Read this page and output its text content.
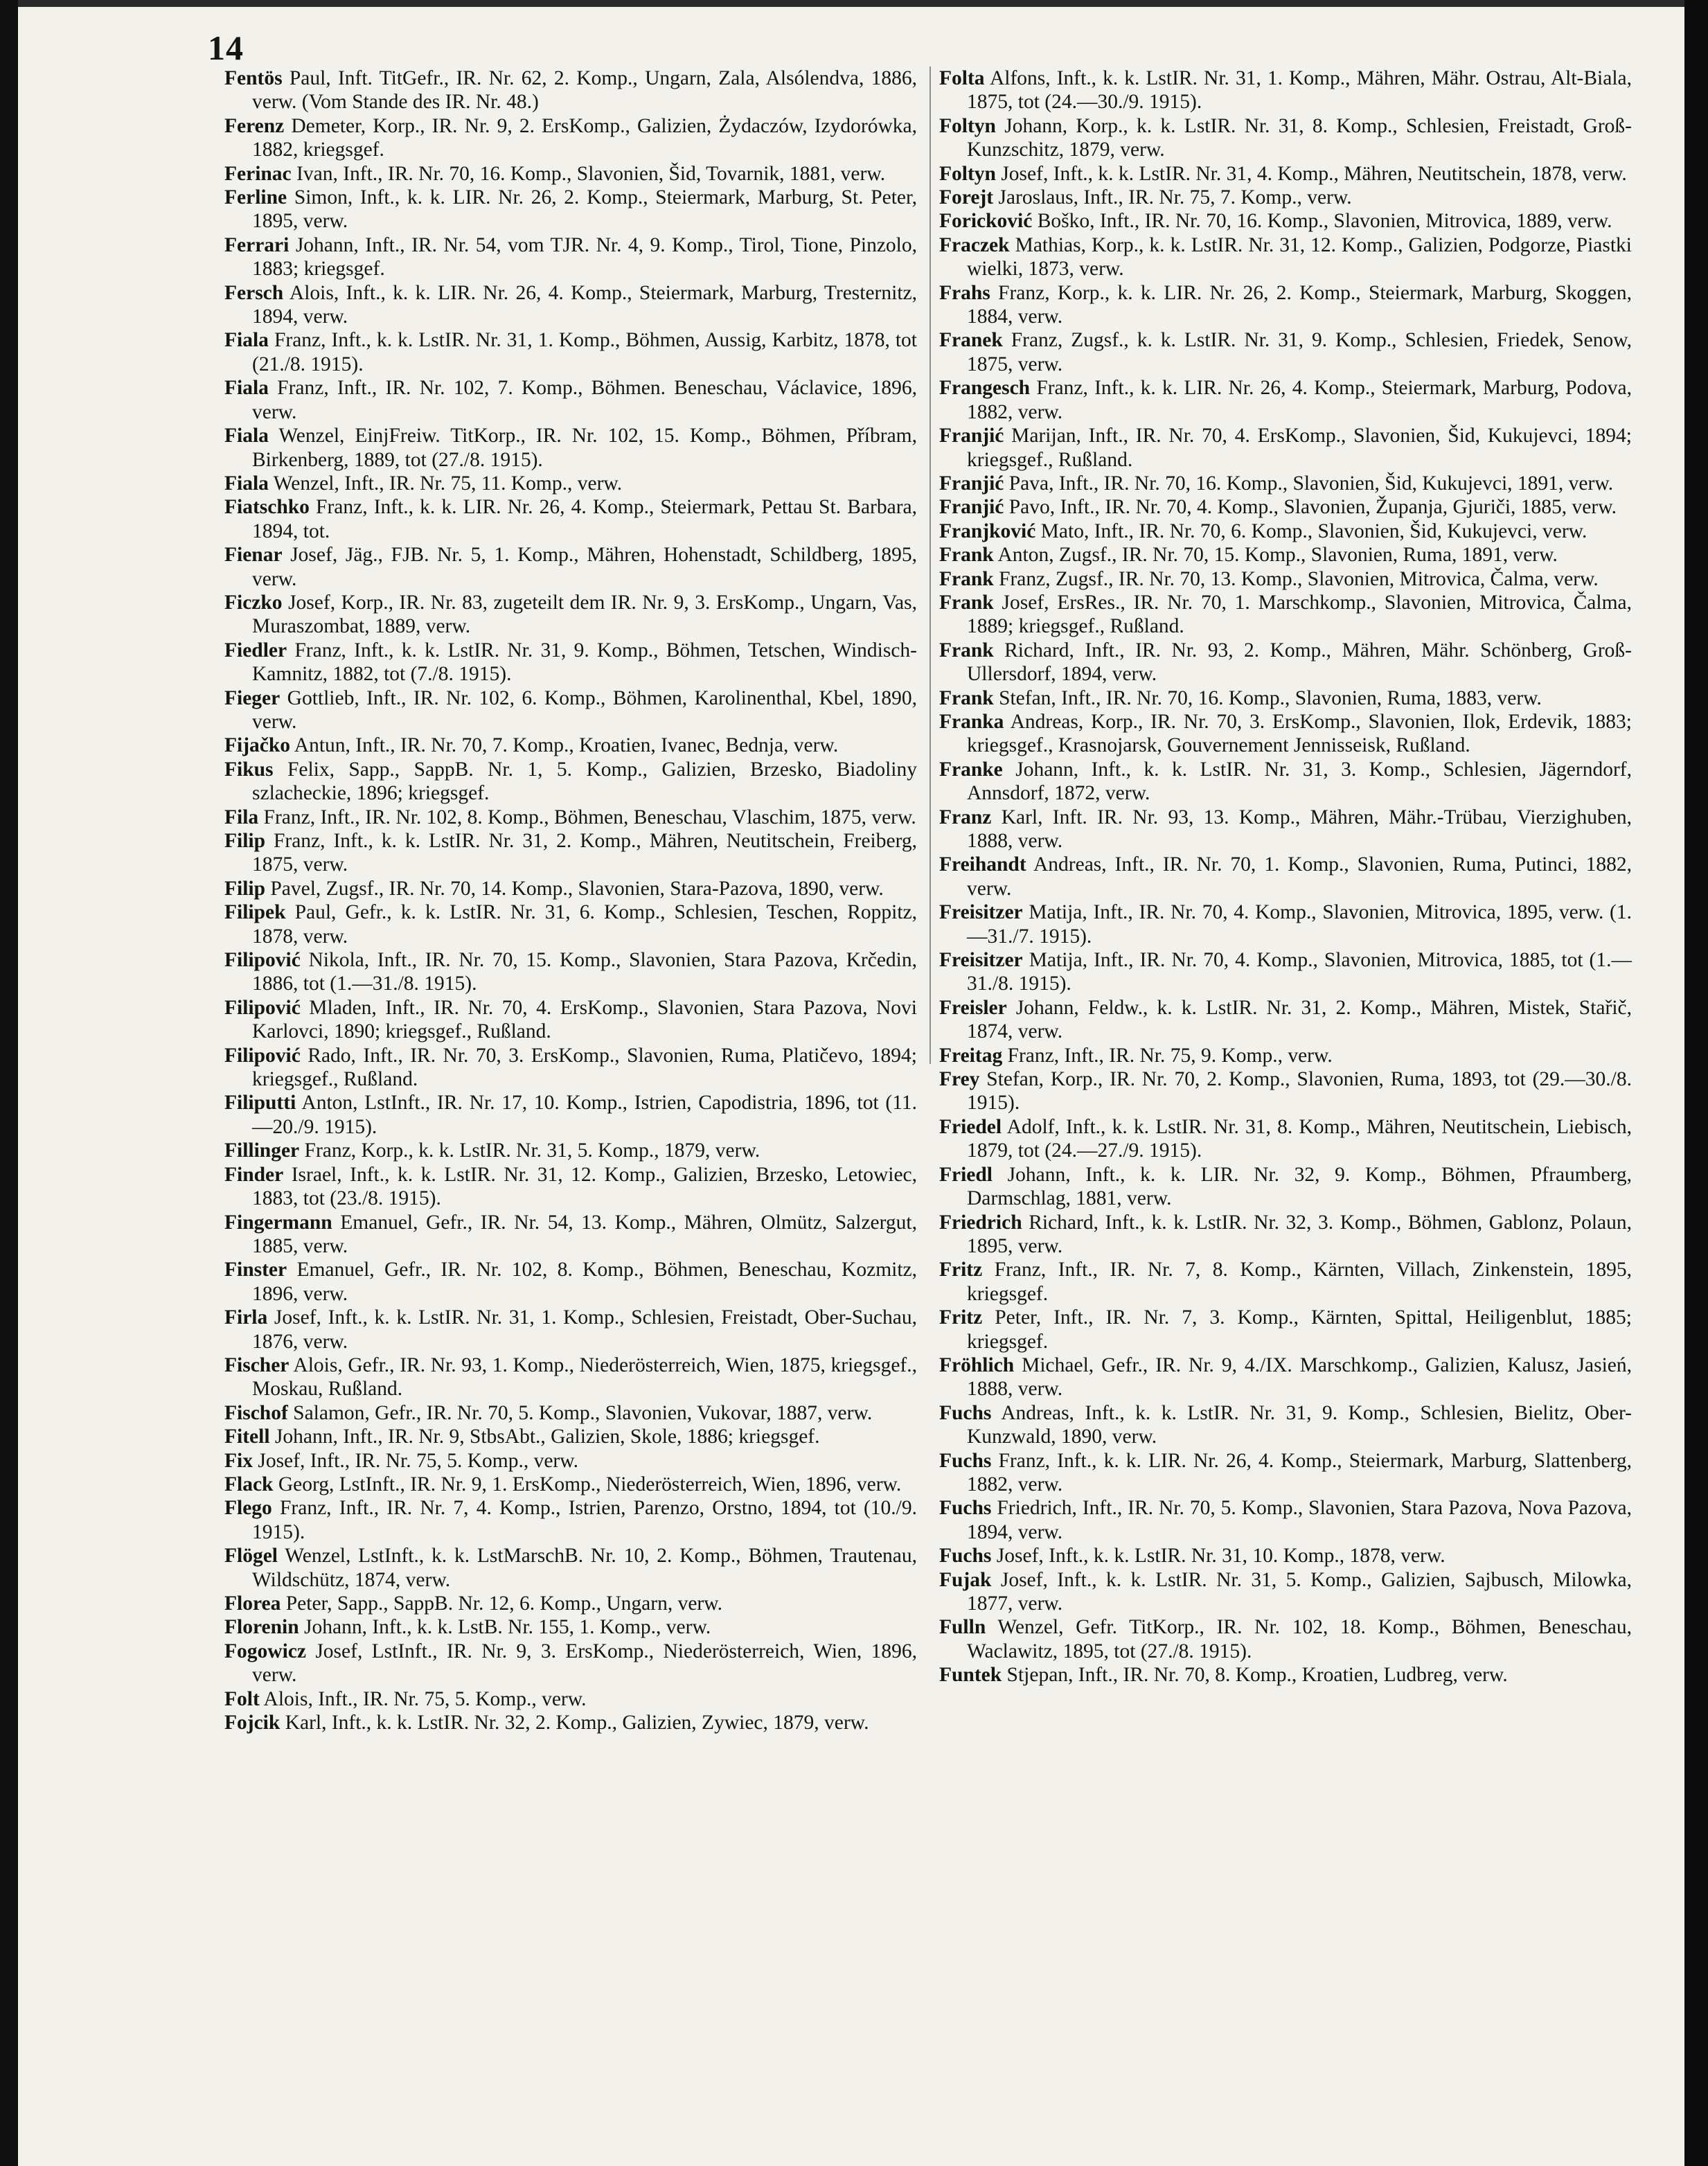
14

Fentös Paul, Inft. TitGefr., IR. Nr. 62, 2. Komp., Ungarn, Zala, Alsólendva, 1886, verw. (Vom Stande des IR. Nr. 48.)

Ferenz Demeter, Korp., IR. Nr. 9, 2. ErsKomp., Galizien, Żydaczów, Izydorówka, 1882, kriegsgef.

Ferinac Ivan, Inft., IR. Nr. 70, 16. Komp., Slavonien, Šid, Tovarnik, 1881, verw.

Ferline Simon, Inft., k. k. LIR. Nr. 26, 2. Komp., Steiermark, Marburg, St. Peter, 1895, verw.

Ferrari Johann, Inft., IR. Nr. 54, vom TJR. Nr. 4, 9. Komp., Tirol, Tione, Pinzolo, 1883; kriegsgef.

Fersch Alois, Inft., k. k. LIR. Nr. 26, 4. Komp., Steiermark, Marburg, Tresternitz, 1894, verw.

Fiala Franz, Inft., k. k. LstIR. Nr. 31, 1. Komp., Böhmen, Aussig, Karbitz, 1878, tot (21./8. 1915).

Fiala Franz, Inft., IR. Nr. 102, 7. Komp., Böhmen. Beneschau, Václavice, 1896, verw.

Fiala Wenzel, EinjFreiw. TitKorp., IR. Nr. 102, 15. Komp., Böhmen, Příbram, Birkenberg, 1889, tot (27./8. 1915).

Fiala Wenzel, Inft., IR. Nr. 75, 11. Komp., verw.

Fiatschko Franz, Inft., k. k. LIR. Nr. 26, 4. Komp., Steiermark, Pettau St. Barbara, 1894, tot.

Fienar Josef, Jäg., FJB. Nr. 5, 1. Komp., Mähren, Hohenstadt, Schildberg, 1895, verw.

Ficzko Josef, Korp., IR. Nr. 83, zugeteilt dem IR. Nr. 9, 3. ErsKomp., Ungarn, Vas, Muraszombat, 1889, verw.

Fiedler Franz, Inft., k. k. LstIR. Nr. 31, 9. Komp., Böhmen, Tetschen, Windisch-Kamnitz, 1882, tot (7./8. 1915).

Fieger Gottlieb, Inft., IR. Nr. 102, 6. Komp., Böhmen, Karolinenthal, Kbel, 1890, verw.

Fijačko Antun, Inft., IR. Nr. 70, 7. Komp., Kroatien, Ivanec, Bednja, verw.

Fikus Felix, Sapp., SappB. Nr. 1, 5. Komp., Galizien, Brzesko, Biadoliny szlacheckie, 1896; kriegsgef.

Fila Franz, Inft., IR. Nr. 102, 8. Komp., Böhmen, Beneschau, Vlaschim, 1875, verw.

Filip Franz, Inft., k. k. LstIR. Nr. 31, 2. Komp., Mähren, Neutitschein, Freiberg, 1875, verw.

Filip Pavel, Zugsf., IR. Nr. 70, 14. Komp., Slavonien, Stara-Pazova, 1890, verw.

Filipek Paul, Gefr., k. k. LstIR. Nr. 31, 6. Komp., Schlesien, Teschen, Roppitz, 1878, verw.

Filipović Nikola, Inft., IR. Nr. 70, 15. Komp., Slavonien, Stara Pazova, Krčedin, 1886, tot (1.—31./8. 1915).

Filipović Mladen, Inft., IR. Nr. 70, 4. ErsKomp., Slavonien, Stara Pazova, Novi Karlovci, 1890; kriegsgef., Rußland.

Filipović Rado, Inft., IR. Nr. 70, 3. ErsKomp., Slavonien, Ruma, Platičevo, 1894; kriegsgef., Rußland.

Filiputti Anton, LstInft., IR. Nr. 17, 10. Komp., Istrien, Capodistria, 1896, tot (11.—20./9. 1915).

Fillinger Franz, Korp., k. k. LstIR. Nr. 31, 5. Komp., 1879, verw.

Finder Israel, Inft., k. k. LstIR. Nr. 31, 12. Komp., Galizien, Brzesko, Letowiec, 1883, tot (23./8. 1915).

Fingermann Emanuel, Gefr., IR. Nr. 54, 13. Komp., Mähren, Olmütz, Salzergut, 1885, verw.

Finster Emanuel, Gefr., IR. Nr. 102, 8. Komp., Böhmen, Beneschau, Kozmitz, 1896, verw.

Firla Josef, Inft., k. k. LstIR. Nr. 31, 1. Komp., Schlesien, Freistadt, Ober-Suchau, 1876, verw.

Fischer Alois, Gefr., IR. Nr. 93, 1. Komp., Niederösterreich, Wien, 1875, kriegsgef., Moskau, Rußland.

Fischof Salamon, Gefr., IR. Nr. 70, 5. Komp., Slavonien, Vukovar, 1887, verw.

Fitell Johann, Inft., IR. Nr. 9, StbsAbt., Galizien, Skole, 1886; kriegsgef.

Fix Josef, Inft., IR. Nr. 75, 5. Komp., verw.

Flack Georg, LstInft., IR. Nr. 9, 1. ErsKomp., Niederösterreich, Wien, 1896, verw.

Flego Franz, Inft., IR. Nr. 7, 4. Komp., Istrien, Parenzo, Orstno, 1894, tot (10./9. 1915).

Flögel Wenzel, LstInft., k. k. LstMarschB. Nr. 10, 2. Komp., Böhmen, Trautenau, Wildschütz, 1874, verw.

Florea Peter, Sapp., SappB. Nr. 12, 6. Komp., Ungarn, verw.

Florenin Johann, Inft., k. k. LstB. Nr. 155, 1. Komp., verw.

Fogowicz Josef, LstInft., IR. Nr. 9, 3. ErsKomp., Niederösterreich, Wien, 1896, verw.

Folt Alois, Inft., IR. Nr. 75, 5. Komp., verw.

Fojcik Karl, Inft., k. k. LstIR. Nr. 32, 2. Komp., Galizien, Zywiec, 1879, verw.

Folta Alfons, Inft., k. k. LstIR. Nr. 31, 1. Komp., Mähren, Mähr. Ostrau, Alt-Biala, 1875, tot (24.—30./9. 1915).

Foltyn Johann, Korp., k. k. LstIR. Nr. 31, 8. Komp., Schlesien, Freistadt, Groß-Kunzschitz, 1879, verw.

Foltyn Josef, Inft., k. k. LstIR. Nr. 31, 4. Komp., Mähren, Neutitschein, 1878, verw.

Forejt Jaroslaus, Inft., IR. Nr. 75, 7. Komp., verw.

Foricković Boško, Inft., IR. Nr. 70, 16. Komp., Slavonien, Mitrovica, 1889, verw.

Fraczek Mathias, Korp., k. k. LstIR. Nr. 31, 12. Komp., Galizien, Podgorze, Piastki wielki, 1873, verw.

Frahs Franz, Korp., k. k. LIR. Nr. 26, 2. Komp., Steiermark, Marburg, Skoggen, 1884, verw.

Franek Franz, Zugsf., k. k. LstIR. Nr. 31, 9. Komp., Schlesien, Friedek, Senow, 1875, verw.

Frangesch Franz, Inft., k. k. LIR. Nr. 26, 4. Komp., Steiermark, Marburg, Podova, 1882, verw.

Franjić Marijan, Inft., IR. Nr. 70, 4. ErsKomp., Slavonien, Šid, Kukujevci, 1894; kriegsgef., Rußland.

Franjić Pava, Inft., IR. Nr. 70, 16. Komp., Slavonien, Šid, Kukujevci, 1891, verw.

Franjić Pavo, Inft., IR. Nr. 70, 4. Komp., Slavonien, Županja, Gjuriči, 1885, verw.

Franjković Mato, Inft., IR. Nr. 70, 6. Komp., Slavonien, Šid, Kukujevci, verw.

Frank Anton, Zugsf., IR. Nr. 70, 15. Komp., Slavonien, Ruma, 1891, verw.

Frank Franz, Zugsf., IR. Nr. 70, 13. Komp., Slavonien, Mitrovica, Čalma, verw.

Frank Josef, ErsRes., IR. Nr. 70, 1. Marschkomp., Slavonien, Mitrovica, Čalma, 1889; kriegsgef., Rußland.

Frank Richard, Inft., IR. Nr. 93, 2. Komp., Mähren, Mähr. Schönberg, Groß-Ullersdorf, 1894, verw.

Frank Stefan, Inft., IR. Nr. 70, 16. Komp., Slavonien, Ruma, 1883, verw.

Franka Andreas, Korp., IR. Nr. 70, 3. ErsKomp., Slavonien, Ilok, Erdevik, 1883; kriegsgef., Krasnojarsk, Gouvernement Jennisseisk, Rußland.

Franke Johann, Inft., k. k. LstIR. Nr. 31, 3. Komp., Schlesien, Jägerndorf, Annsdorf, 1872, verw.

Franz Karl, Inft. IR. Nr. 93, 13. Komp., Mähren, Mähr.-Trübau, Vierzighuben, 1888, verw.

Freihandt Andreas, Inft., IR. Nr. 70, 1. Komp., Slavonien, Ruma, Putinci, 1882, verw.

Freisitzer Matija, Inft., IR. Nr. 70, 4. Komp., Slavonien, Mitrovica, 1895, verw. (1.—31./7. 1915).

Freisitzer Matija, Inft., IR. Nr. 70, 4. Komp., Slavonien, Mitrovica, 1885, tot (1.—31./8. 1915).

Freisler Johann, Feldw., k. k. LstIR. Nr. 31, 2. Komp., Mähren, Mistek, Stařič, 1874, verw.

Freitag Franz, Inft., IR. Nr. 75, 9. Komp., verw.

Frey Stefan, Korp., IR. Nr. 70, 2. Komp., Slavonien, Ruma, 1893, tot (29.—30./8. 1915).

Friedel Adolf, Inft., k. k. LstIR. Nr. 31, 8. Komp., Mähren, Neutitschein, Liebisch, 1879, tot (24.—27./9. 1915).

Friedl Johann, Inft., k. k. LIR. Nr. 32, 9. Komp., Böhmen, Pfraumberg, Darmschlag, 1881, verw.

Friedrich Richard, Inft., k. k. LstIR. Nr. 32, 3. Komp., Böhmen, Gablonz, Polaun, 1895, verw.

Fritz Franz, Inft., IR. Nr. 7, 8. Komp., Kärnten, Villach, Zinkenstein, 1895, kriegsgef.

Fritz Peter, Inft., IR. Nr. 7, 3. Komp., Kärnten, Spittal, Heiligenblut, 1885; kriegsgef.

Fröhlich Michael, Gefr., IR. Nr. 9, 4./IX. Marschkomp., Galizien, Kalusz, Jasień, 1888, verw.

Fuchs Andreas, Inft., k. k. LstIR. Nr. 31, 9. Komp., Schlesien, Bielitz, Ober-Kunzwald, 1890, verw.

Fuchs Franz, Inft., k. k. LIR. Nr. 26, 4. Komp., Steiermark, Marburg, Slattenberg, 1882, verw.

Fuchs Friedrich, Inft., IR. Nr. 70, 5. Komp., Slavonien, Stara Pazova, Nova Pazova, 1894, verw.

Fuchs Josef, Inft., k. k. LstIR. Nr. 31, 10. Komp., 1878, verw.

Fujak Josef, Inft., k. k. LstIR. Nr. 31, 5. Komp., Galizien, Sajbusch, Milowka, 1877, verw.

Fulln Wenzel, Gefr. TitKorp., IR. Nr. 102, 18. Komp., Böhmen, Beneschau, Waclawitz, 1895, tot (27./8. 1915).

Funtek Stjepan, Inft., IR. Nr. 70, 8. Komp., Kroatien, Ludbreg, verw.
